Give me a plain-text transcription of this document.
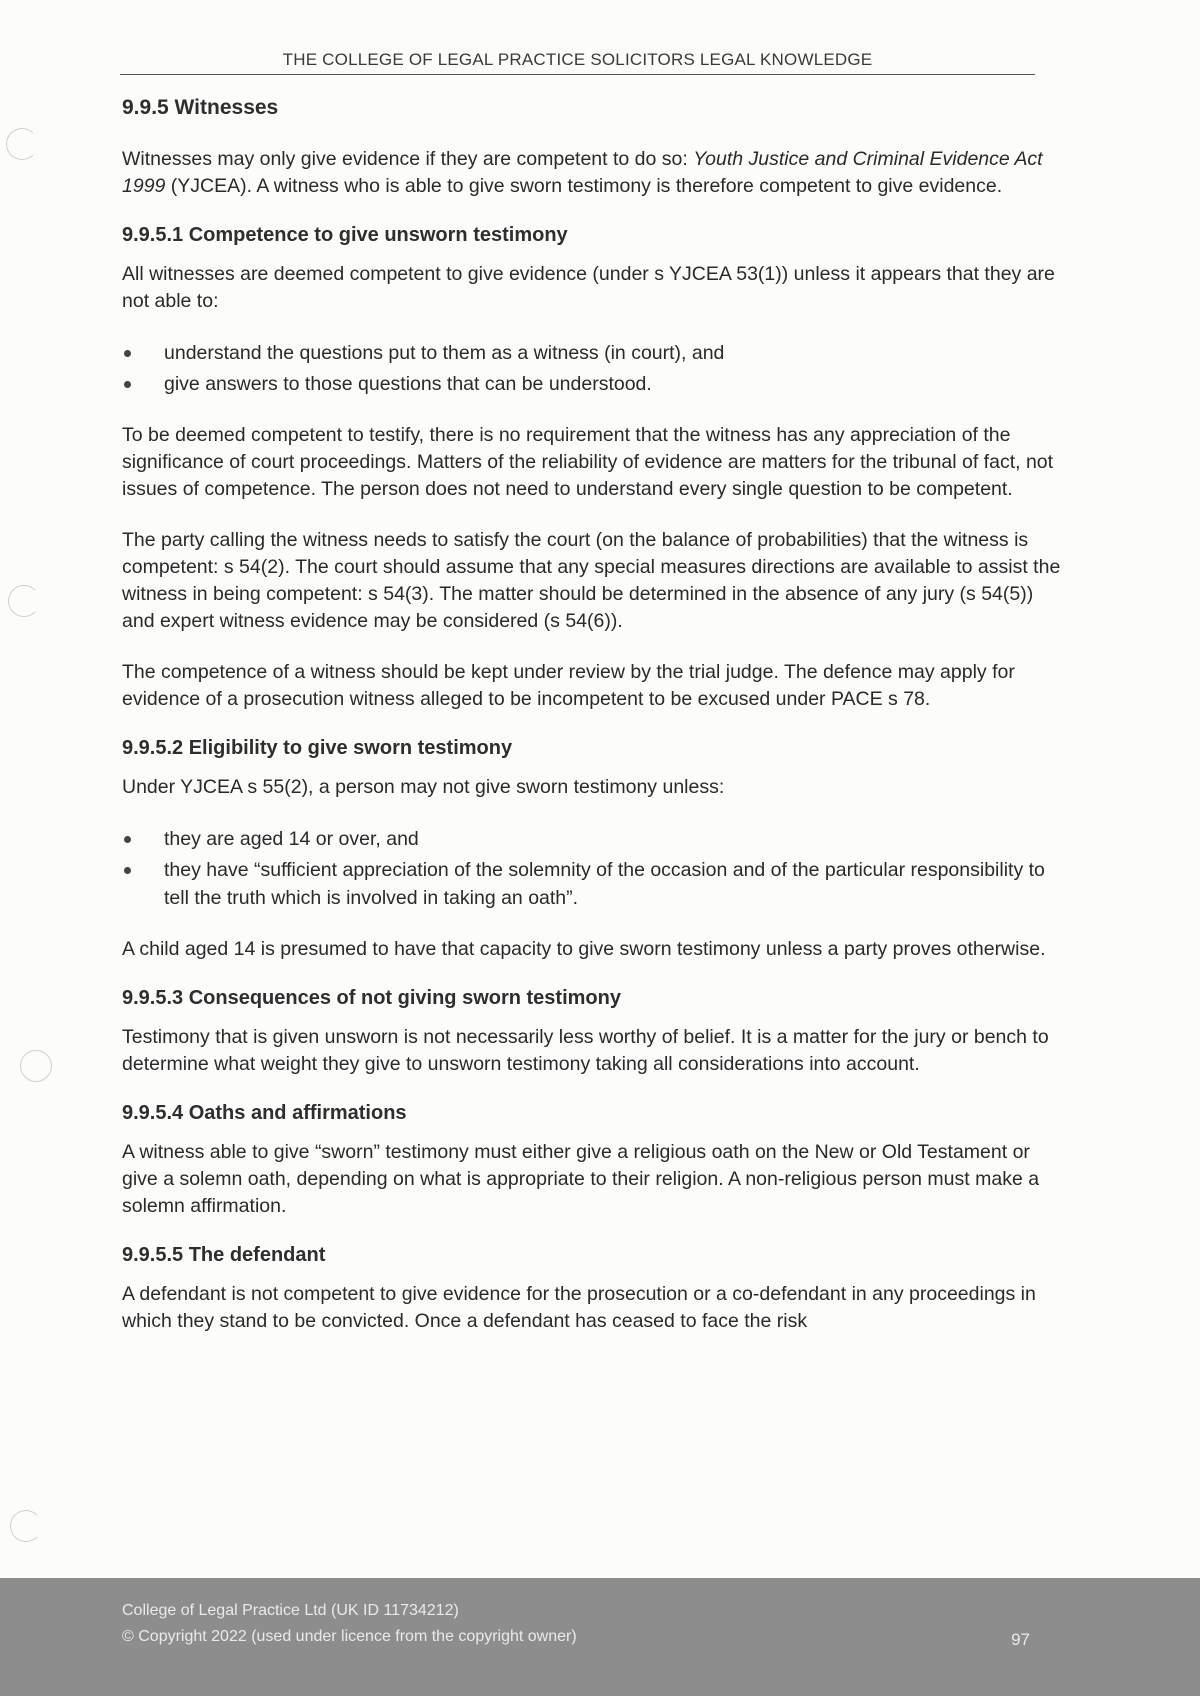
THE COLLEGE OF LEGAL PRACTICE SOLICITORS LEGAL KNOWLEDGE
9.9.5 Witnesses

Witnesses may only give evidence if they are competent to do so: Youth Justice and Criminal Evidence Act 1999 (YJCEA). A witness who is able to give sworn testimony is therefore competent to give evidence.

9.9.5.1 Competence to give unsworn testimony

All witnesses are deemed competent to give evidence (under s YJCEA 53(1)) unless it appears that they are not able to:

understand the questions put to them as a witness (in court), and
give answers to those questions that can be understood.

To be deemed competent to testify, there is no requirement that the witness has any appreciation of the significance of court proceedings. Matters of the reliability of evidence are matters for the tribunal of fact, not issues of competence. The person does not need to understand every single question to be competent.

The party calling the witness needs to satisfy the court (on the balance of probabilities) that the witness is competent: s 54(2). The court should assume that any special measures directions are available to assist the witness in being competent: s 54(3). The matter should be determined in the absence of any jury (s 54(5)) and expert witness evidence may be considered (s 54(6)).

The competence of a witness should be kept under review by the trial judge. The defence may apply for evidence of a prosecution witness alleged to be incompetent to be excused under PACE s 78.

9.9.5.2 Eligibility to give sworn testimony

Under YJCEA s 55(2), a person may not give sworn testimony unless:

they are aged 14 or over, and
they have “sufficient appreciation of the solemnity of the occasion and of the particular responsibility to tell the truth which is involved in taking an oath”.

A child aged 14 is presumed to have that capacity to give sworn testimony unless a party proves otherwise.

9.9.5.3 Consequences of not giving sworn testimony

Testimony that is given unsworn is not necessarily less worthy of belief. It is a matter for the jury or bench to determine what weight they give to unsworn testimony taking all considerations into account.

9.9.5.4 Oaths and affirmations

A witness able to give “sworn” testimony must either give a religious oath on the New or Old Testament or give a solemn oath, depending on what is appropriate to their religion. A non-religious person must make a solemn affirmation.

9.9.5.5 The defendant

A defendant is not competent to give evidence for the prosecution or a co-defendant in any proceedings in which they stand to be convicted. Once a defendant has ceased to face the risk

College of Legal Practice Ltd (UK ID 11734212)
© Copyright 2022 (used under licence from the copyright owner)	97
